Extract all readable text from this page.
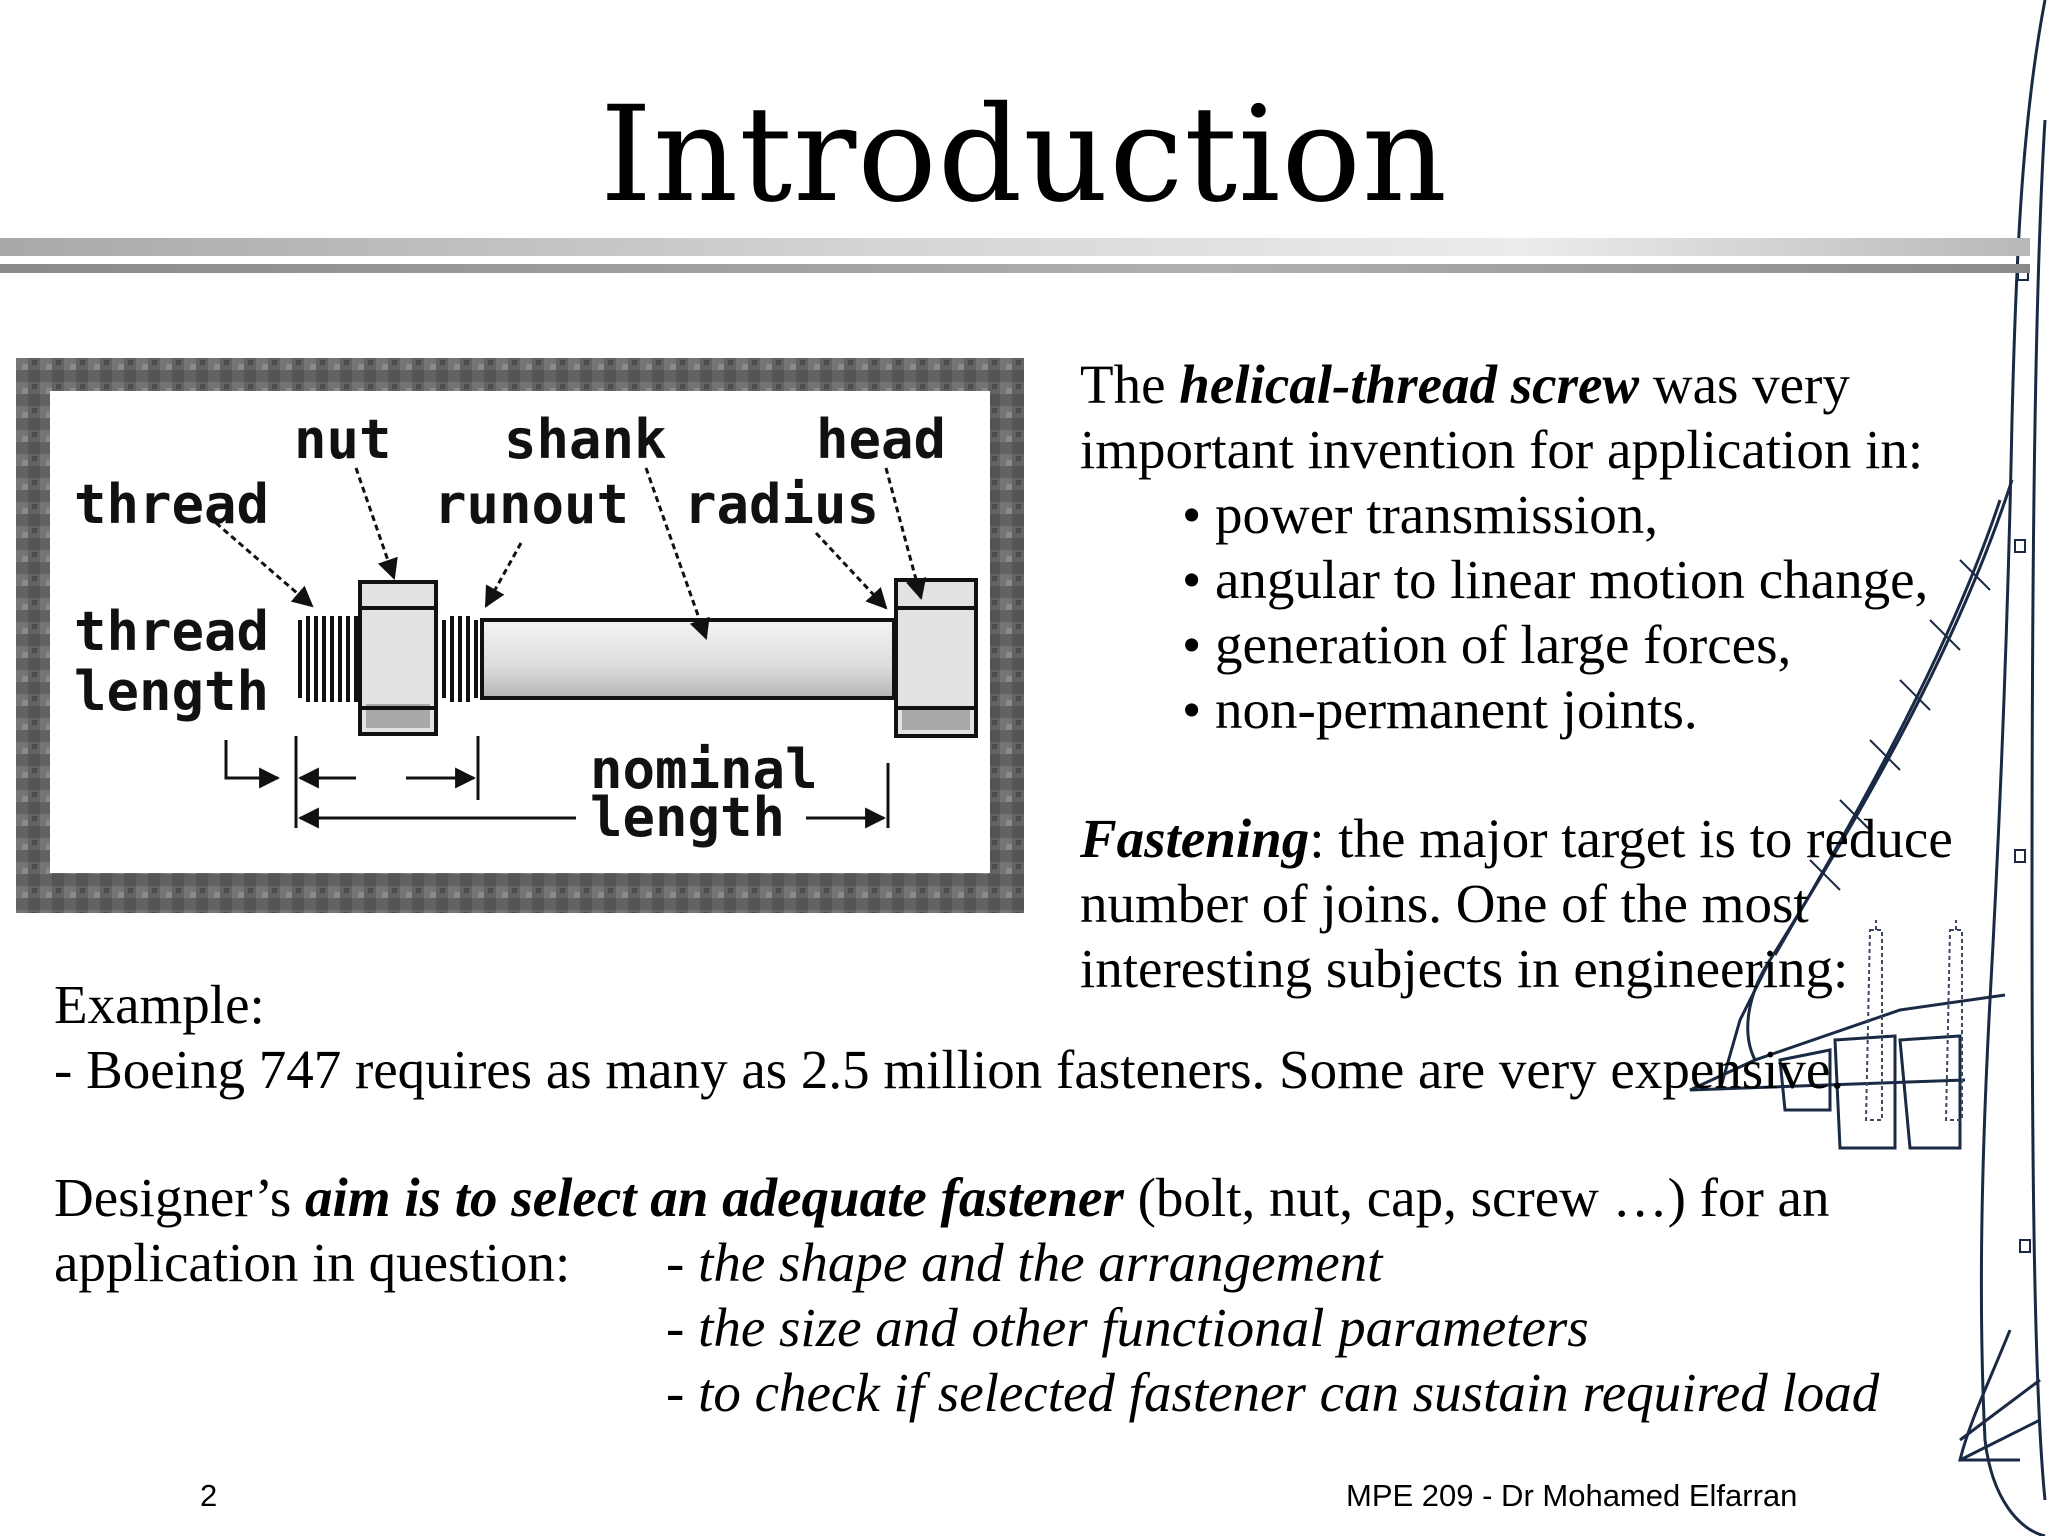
Introduction
nut shank	head
thread	runout radius
thread
length
nominal
length

The helical-thread screw was very

important invention for application in:

• power transmission,
• angular to linear motion change,
• generation of large forces,
• non-permanent joints.

Fastening: the major target is to reduce

number of joins. One of the most

interesting subjects in engineering:

Example:

- Boeing 747 requires as many as 2.5 million fasteners. Some are very expensive.

Designer’s aim is to select an adequate fastener (bolt, nut, cap, screw …) for an

application in question:	- the shape and the arrangement
- the size and other functional parameters
- to check if selected fastener can sustain required load
2	MPE 209 - Dr Mohamed Elfarran
